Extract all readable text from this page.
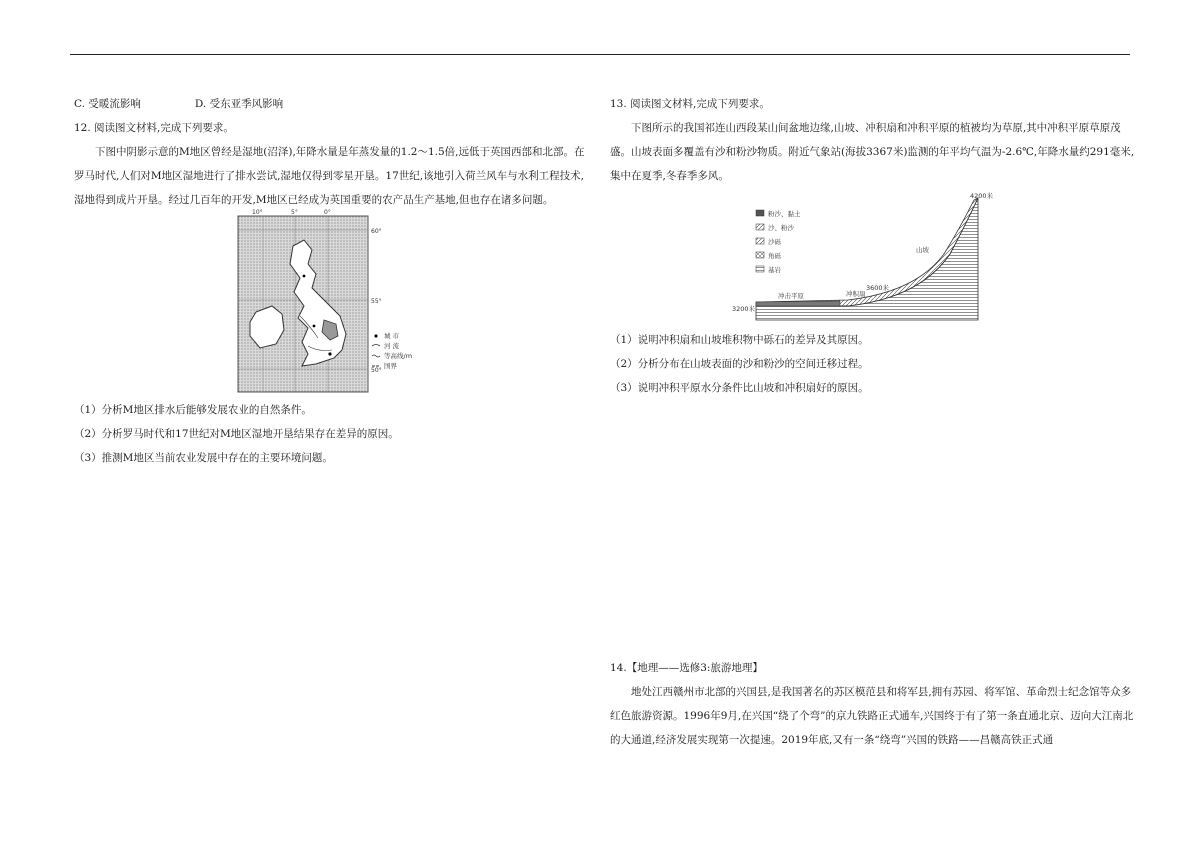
C. 受暖流影响	D. 受东亚季风影响

12. 阅读图文材料,完成下列要求。

下图中阴影示意的M地区曾经是湿地(沼泽),年降水量是年蒸发量的1.2～1.5倍,远低于英国西部和北部。在罗马时代,人们对M地区湿地进行了排水尝试,湿地仅得到零星开垦。17世纪,该地引入荷兰风车与水利工程技术,湿地得到成片开垦。经过几百年的开发,M地区已经成为英国重要的农产品生产基地,但也存在诸多问题。

10°	5°	0°
60°
55°
50°
城 市
河 流
等高线/m
国界

（1）分析M地区排水后能够发展农业的自然条件。

（2）分析罗马时代和17世纪对M地区湿地开垦结果存在差异的原因。

（3）推测M地区当前农业发展中存在的主要环境问题。

13. 阅读图文材料,完成下列要求。

下图所示的我国祁连山西段某山间盆地边缘,山坡、冲积扇和冲积平原的植被均为草原,其中冲积平原草原茂盛。山坡表面多覆盖有沙和粉沙物质。附近气象站(海拔3367米)监测的年平均气温为-2.6℃,年降水量约291毫米,集中在夏季,冬春季多风。

粉沙、黏土
沙、粉沙
沙砾
角砾
基岩
4200米
3600米
3200米
山坡
冲积扇
冲击平原

（1）说明冲积扇和山坡堆积物中砾石的差异及其原因。

（2）分析分布在山坡表面的沙和粉沙的空间迁移过程。

（3）说明冲积平原水分条件比山坡和冲积扇好的原因。

14.【地理——选修3:旅游地理】

地处江西赣州市北部的兴国县,是我国著名的苏区模范县和将军县,拥有苏园、将军馆、革命烈士纪念馆等众多红色旅游资源。1996年9月,在兴国“绕了个弯”的京九铁路正式通车,兴国终于有了第一条直通北京、迈向大江南北的大通道,经济发展实现第一次提速。2019年底,又有一条“绕弯”兴国的铁路——昌赣高铁正式通
